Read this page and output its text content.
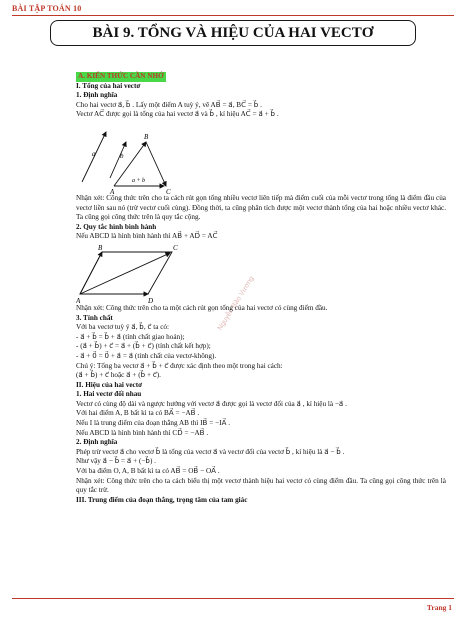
BÀI TẬP TOÁN 10
BÀI 9. TỔNG VÀ HIỆU CỦA HAI VECTƠ
Nguyễn Bảo Vương
A. KIẾN THỨC CẦN NHỚ
I. Tổng của hai vectơ
1. Định nghĩa
Cho hai vectơ a⃗, b⃗ . Lấy một điểm A tuỳ ý, vẽ AB⃗ = a⃗, BC⃗ = b⃗ .
Vectơ AC⃗ được gọi là tổng của hai vectơ a⃗ và b⃗ , kí hiệu AC⃗ = a⃗ + b⃗ .
a	b
A
B
C
a + b
Nhận xét: Công thức trên cho ta cách rút gọn tổng nhiều vectơ liên tiếp mà điểm cuối của mỗi vectơ trong tổng là điểm đầu của vectơ liền sau nó (trừ vectơ cuối cùng). Đồng thời, ta cũng phân tích được một vectơ thành tổng của hai hoặc nhiều vectơ khác. Ta cũng gọi công thức trên là quy tắc cộng.
2. Quy tắc hình bình hành
Nếu ABCD là hình bình hành thì AB⃗ + AD⃗ = AC⃗
A
B	C
D
Nhận xét: Công thức trên cho ta một cách rút gọn tổng của hai vectơ có cùng điểm đầu.
3. Tính chất
Với ba vectơ tuỳ ý a⃗, b⃗, c⃗ ta có:
- a⃗ + b⃗ = b⃗ + a⃗ (tính chất giao hoán);
- (a⃗ + b⃗) + c⃗ = a⃗ + (b⃗ + c⃗) (tính chất kết hợp);
- a⃗ + 0⃗ = 0⃗ + a⃗ = a⃗ (tính chất của vectơ-không).
Chú ý: Tổng ba vectơ a⃗ + b⃗ + c⃗ được xác định theo một trong hai cách:
(a⃗ + b⃗) + c⃗ hoặc a⃗ + (b⃗ + c⃗).
II. Hiệu của hai vectơ
1. Hai vectơ đối nhau
Vectơ có cùng độ dài và ngược hướng với vectơ a⃗ được gọi là vectơ đối của a⃗ , kí hiệu là −a⃗ .
Với hai điểm A, B bất kì ta có BA⃗ = −AB⃗ .
Nếu I là trung điểm của đoạn thẳng AB thì IB⃗ = −IA⃗ .
Nếu ABCD là hình bình hành thì CD⃗ = −AB⃗ .
2. Định nghĩa
Phép trừ vectơ a⃗ cho vectơ b⃗ là tổng của vectơ a⃗ và vectơ đối của vectơ b⃗ , kí hiệu là a⃗ − b⃗ .
Như vậy a⃗ − b⃗ = a⃗ + (−b⃗) .
Với ba điểm O, A, B bất kì ta có AB⃗ = OB⃗ − OA⃗ .
Nhận xét: Công thức trên cho ta cách biểu thị một vectơ thành hiệu hai vectơ có cùng điểm đầu. Ta cũng gọi công thức trên là quy tắc trừ.
III. Trung điểm của đoạn thẳng, trọng tâm của tam giác
Trang 1
